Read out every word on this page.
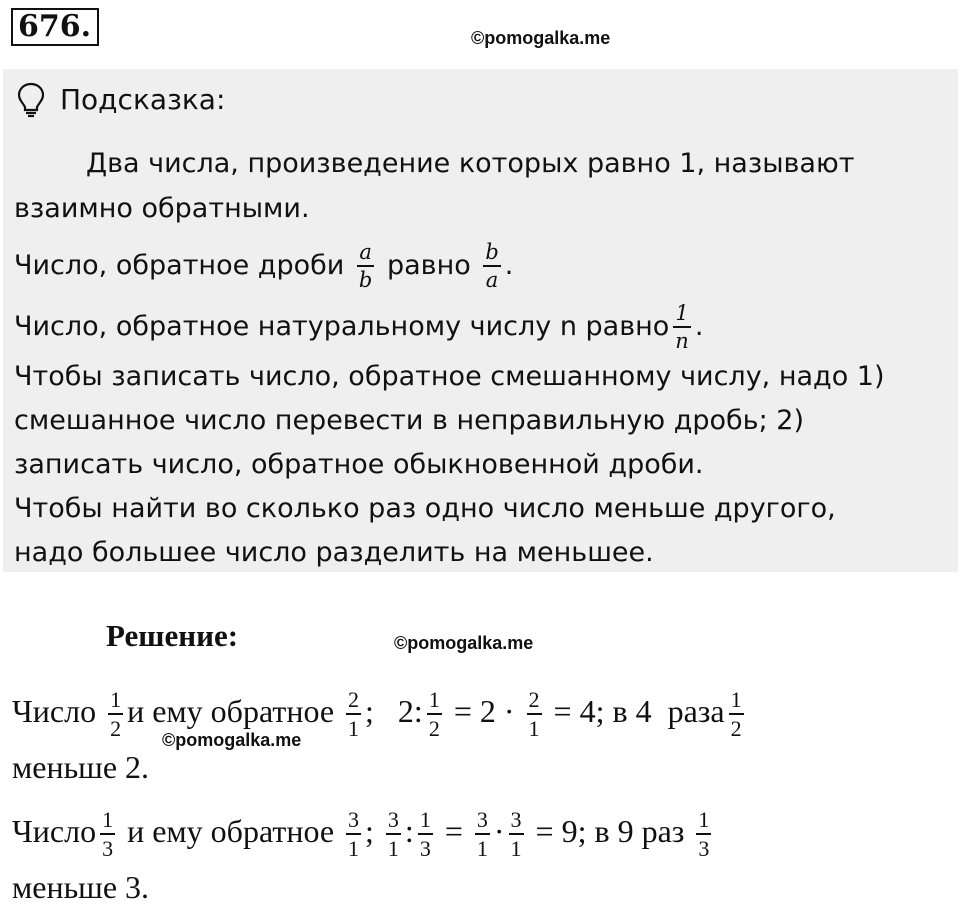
676.	©pomogalka.me
Подсказка:
Два числа, произведение которых равно 1, называют
взаимно обратными.
Число, обратное дроби $\frac{a}{b}$ равно $\frac{b}{a}$ .
Число, обратное натуральному числу n равно $\frac{1}{n}$ .
Чтобы записать число, обратное смешанному числу, надо 1)
смешанное число перевести в неправильную дробь; 2)
записать число, обратное обыкновенной дроби.
Чтобы найти во сколько раз одно число меньше другого,
надо большее число разделить на меньшее.
Решение:	©pomogalka.me
Число $\frac{1}{2}$ и ему обратное $\frac{2}{1}$ ;   2: $\frac{1}{2} = 2 \cdot \frac{2}{1} = 4$; в 4  раза $\frac{1}{2}$
©pomogalka.me
меньше 2.
Число $\frac{1}{3}$ и ему обратное $\frac{3}{1}$ ; $\frac{3}{1}$ : $\frac{1}{3} = \frac{3}{1} \cdot \frac{3}{1} = 9$; в 9 раз $\frac{1}{3}$
меньше 3.
